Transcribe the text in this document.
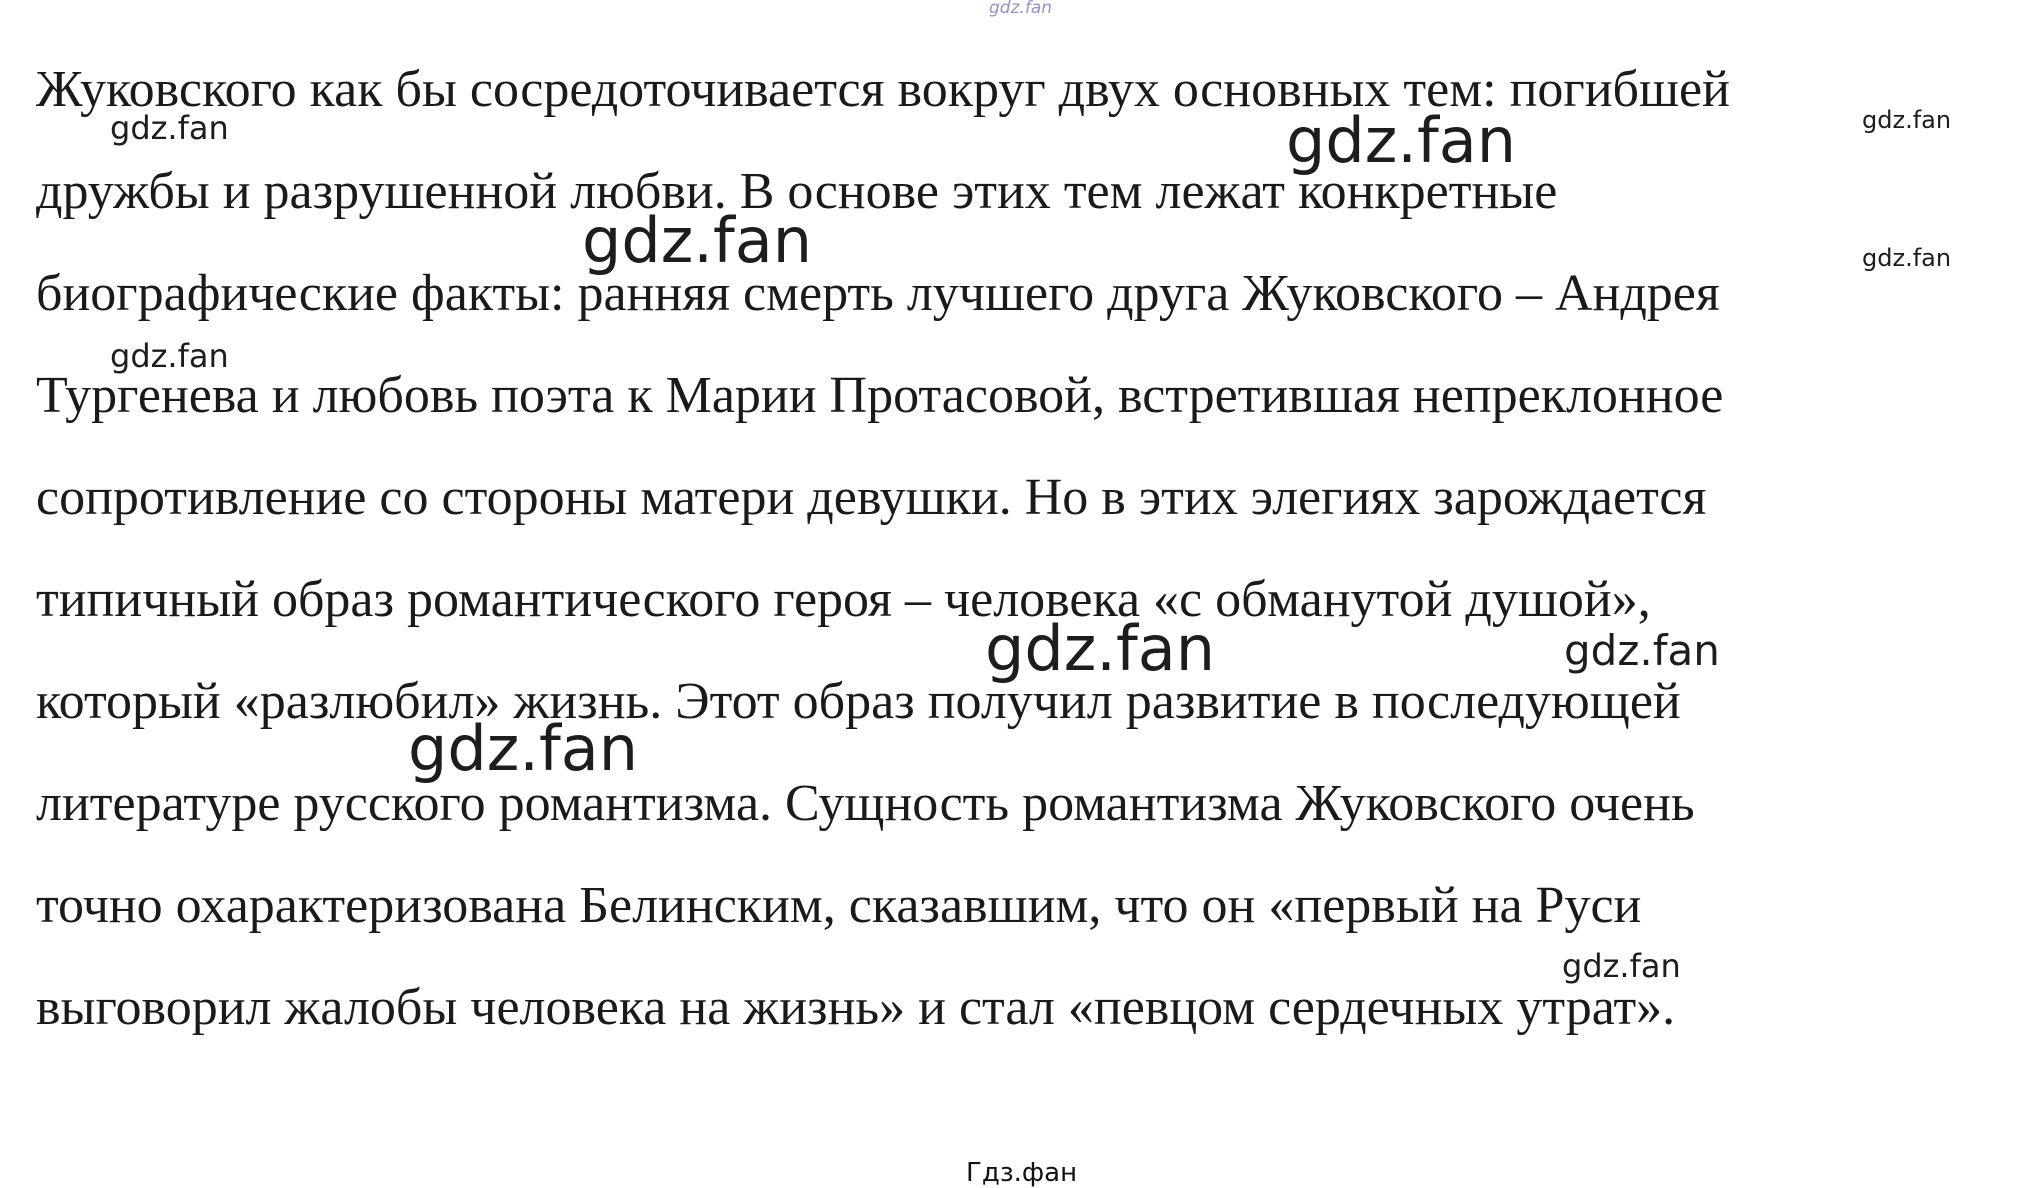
gdz.fan

Жуковского как бы сосредоточивается вокруг двух основных тем: погибшей

дружбы и разрушенной любви. В основе этих тем лежат конкретные

биографические факты: ранняя смерть лучшего друга Жуковского – Андрея

Тургенева и любовь поэта к Марии Протасовой, встретившая непреклонное

сопротивление со стороны матери девушки. Но в этих элегиях зарождается

типичный образ романтического героя – человека «с обманутой душой»,

который «разлюбил» жизнь. Этот образ получил развитие в последующей

литературе русского романтизма. Сущность романтизма Жуковского очень

точно охарактеризована Белинским, сказавшим, что он «первый на Руси

выговорил жалобы человека на жизнь» и стал «певцом сердечных утрат».

gdz.fan	gdz.fan	gdz.fan
gdz.fan	gdz.fan
gdz.fan
gdz.fan	gdz.fan
gdz.fan
gdz.fan
Гдз.фан
